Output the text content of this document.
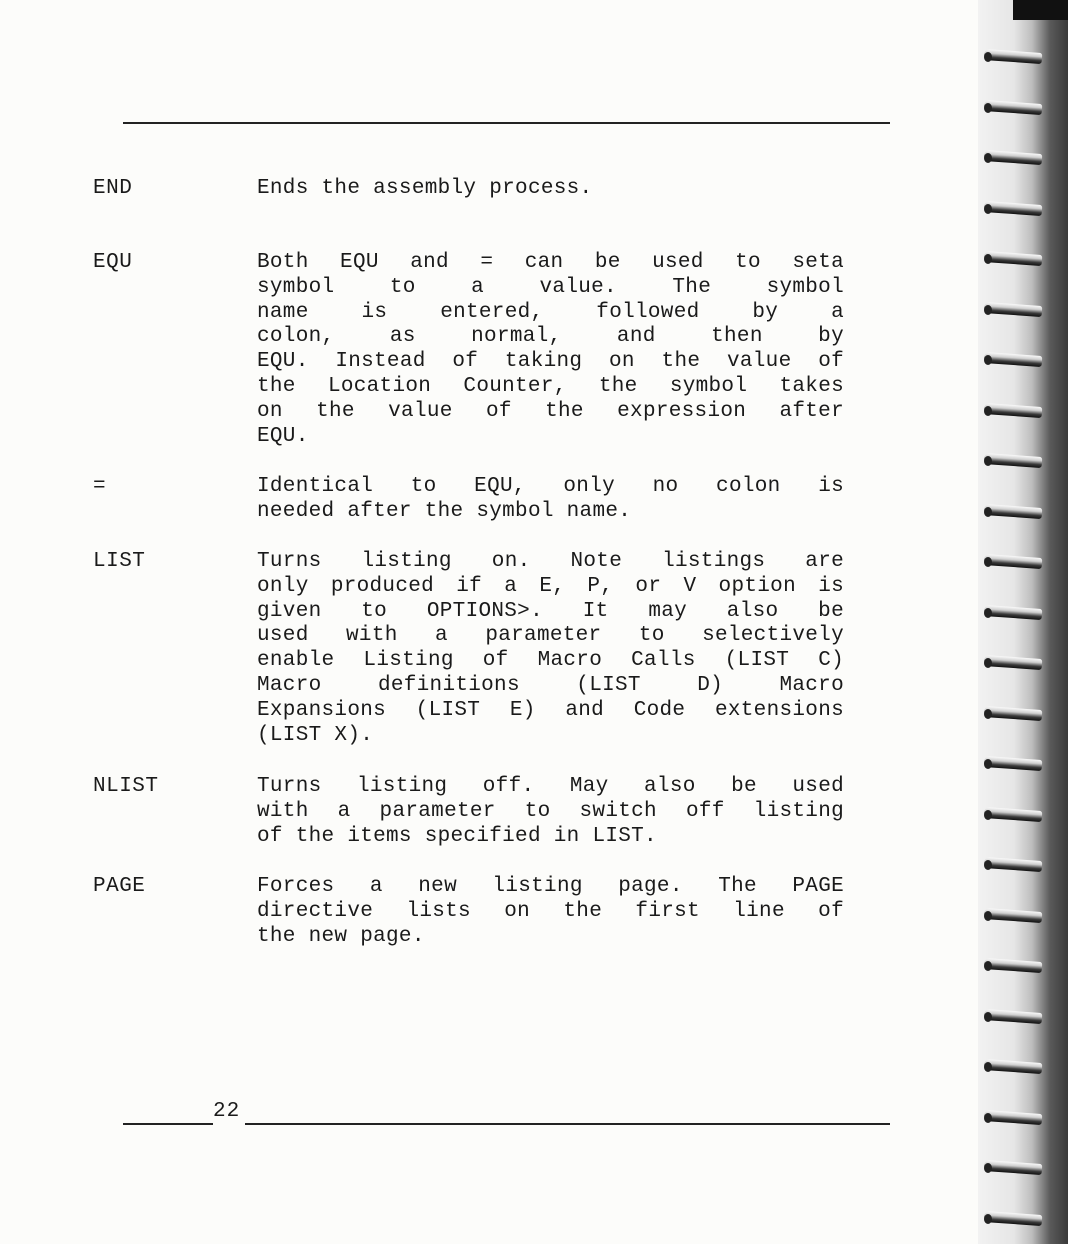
END	Ends the assembly process.
EQU	Both EQU and = can be used to seta
symbol to a value. The symbol
name is entered, followed by a
colon, as normal, and then by
EQU. Instead of taking on the value of
the Location Counter, the symbol takes
on the value of the expression after
EQU.
=	Identical to EQU, only no colon is
needed after the symbol name.
LIST	Turns listing on. Note listings are
only produced if a E, P, or V option is
given to OPTIONS>. It may also be
used with a parameter to selectively
enable Listing of Macro Calls (LIST C)
Macro definitions (LIST D) Macro
Expansions (LIST E) and Code extensions
(LIST X).
NLIST	Turns listing off. May also be used
with a parameter to switch off listing
of the items specified in LIST.
PAGE	Forces a new listing page. The PAGE
directive lists on the first line of
the new page.
22
